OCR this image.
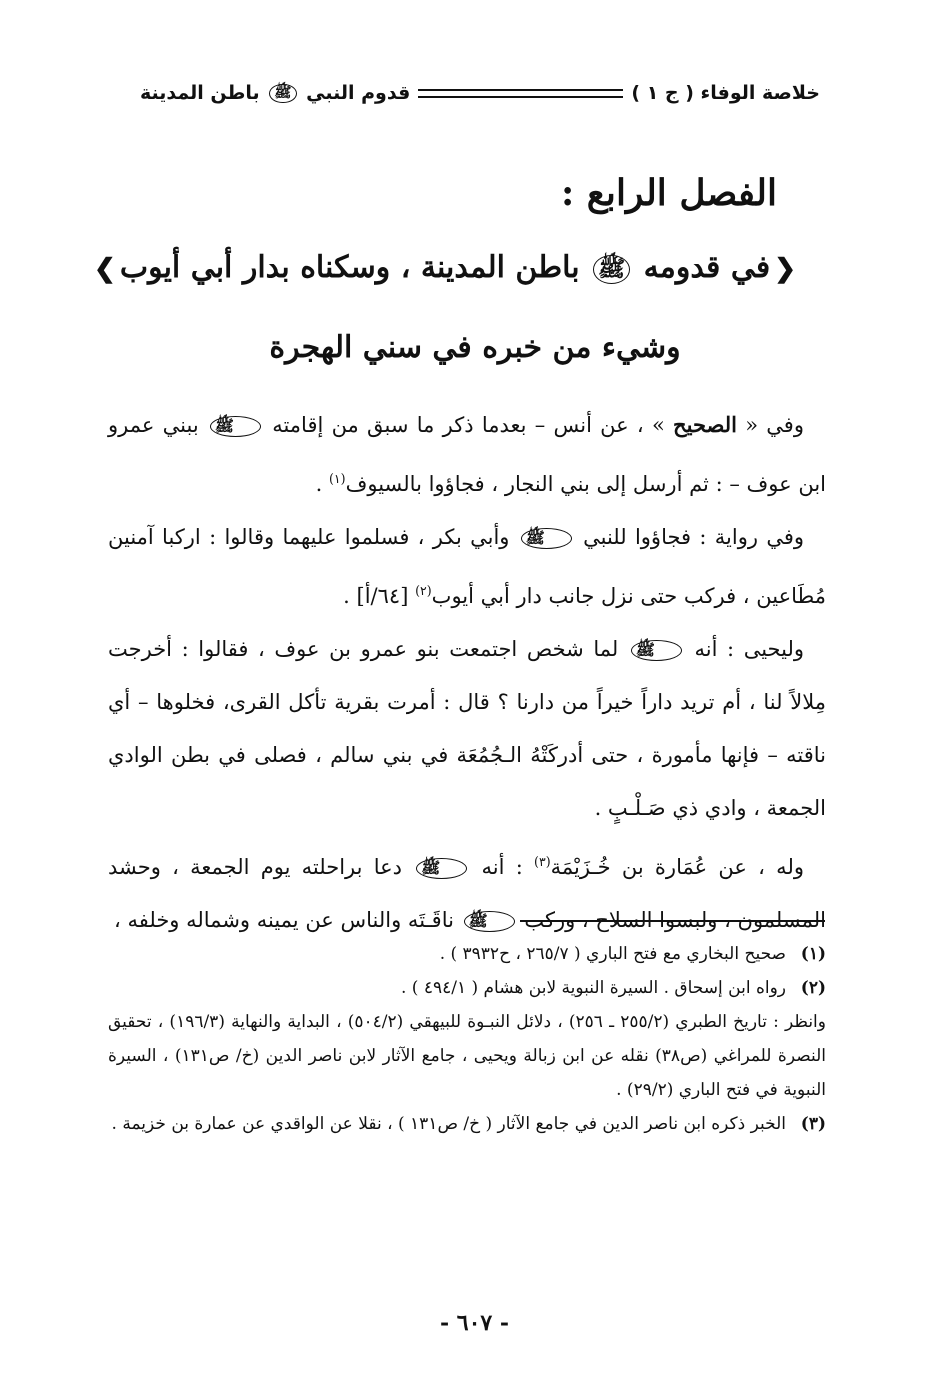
خلاصة الوفاء ( ج ١ )
قدوم النبي ﷺ باطن المدينة
الفصل الرابع :
❮في قدومه ﷺ باطن المدينة ، وسكناه بدار أبي أيوب❯
وشيء من خبره في سني الهجرة

وفي « الصحيح » ، عن أنس – بعدما ذكر ما سبق من إقامته ﷺ ببني عمرو ابن عوف – : ثم أرسل إلى بني النجار ، فجاؤوا بالسيوف$^{(١)}$ .

وفي رواية : فجاؤوا للنبي ﷺ وأبي بكر ، فسلموا عليهما وقالوا : اركبا آمنين مُطَاعين ، فركب حتى نزل جانب دار أبي أيوب$^{(٢)}$ [٦٤/أ] .

وليحيى : أنه ﷺ لما شخص اجتمعت بنو عمرو بن عوف ، فقالوا : أخرجت مِلالاً لنا ، أم تريد داراً خيراً من دارنا ؟ قال : أمرت بقرية تأكل القرى، فخلوها – أي ناقته – فإنها مأمورة ، حتى أدركَتْهُ الـجُمُعَة في بني سالم ، فصلى في بطن الوادي الجمعة ، وادي ذي صَـلْـبٍ .

وله ، عن عُمَارة بن خُـزَيْمَة$^{(٣)}$ : أنه ﷺ دعا براحلته يوم الجمعة ، وحشد المسلمون ، ولبسوا السلاح ، وركب ﷺ ناقَـتَه والناس عن يمينه وشماله وخلفه ،

(١)
صحيح البخاري مع فتح الباري ( ٢٦٥/٧ ، ح٣٩٣٢ ) .
(٢)
رواه ابن إسحاق . السيرة النبوية لابن هشام ( ٤٩٤/١ ) .

وانظر : تاريخ الطبري (٢٥٥/٢ ـ ٢٥٦) ، دلائل النبـوة للبيهقي (٥٠٤/٢) ، البداية والنهاية (١٩٦/٣) ، تحقيق النصرة للمراغي (ص٣٨) نقله عن ابن زبالة ويحيى ، جامع الآثار لابن ناصر الدين (خ/ ص١٣١) ، السيرة النبوية في فتح الباري (٢٩/٢) .

(٣)
الخبر ذكره ابن ناصر الدين في جامع الآثار ( خ/ ص١٣١ ) ، نقلا عن الواقدي عن عمارة بن خزيمة .
- ٦٠٧ -
